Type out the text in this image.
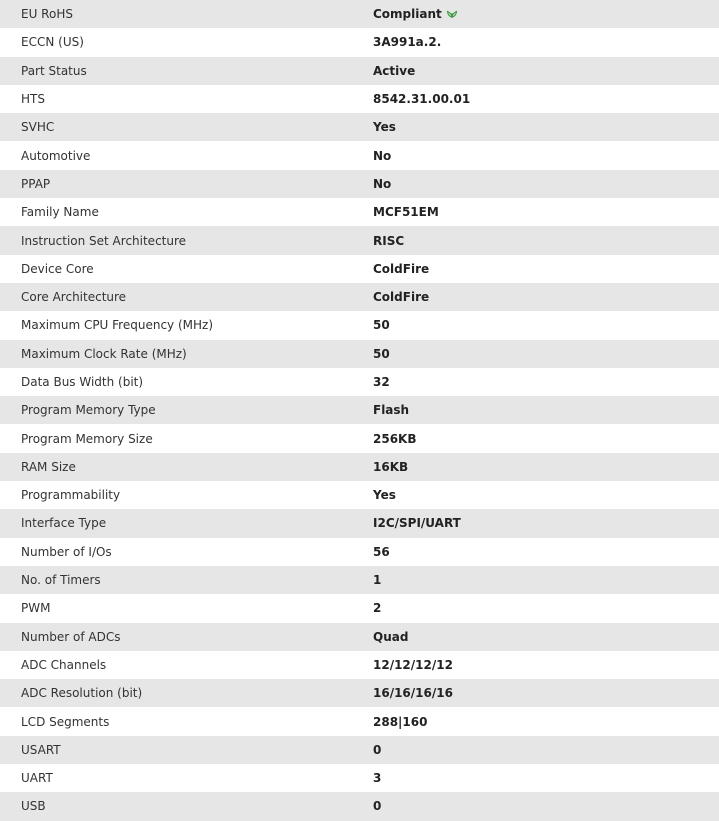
EU RoHS	Compliant
ECCN (US)	3A991a.2.
Part Status	Active
HTS	8542.31.00.01
SVHC	Yes
Automotive	No
PPAP	No
Family Name	MCF51EM
Instruction Set Architecture	RISC
Device Core	ColdFire
Core Architecture	ColdFire
Maximum CPU Frequency (MHz)	50
Maximum Clock Rate (MHz)	50
Data Bus Width (bit)	32
Program Memory Type	Flash
Program Memory Size	256KB
RAM Size	16KB
Programmability	Yes
Interface Type	I2C/SPI/UART
Number of I/Os	56
No. of Timers	1
PWM	2
Number of ADCs	Quad
ADC Channels	12/12/12/12
ADC Resolution (bit)	16/16/16/16
LCD Segments	288|160
USART	0
UART	3
USB	0
